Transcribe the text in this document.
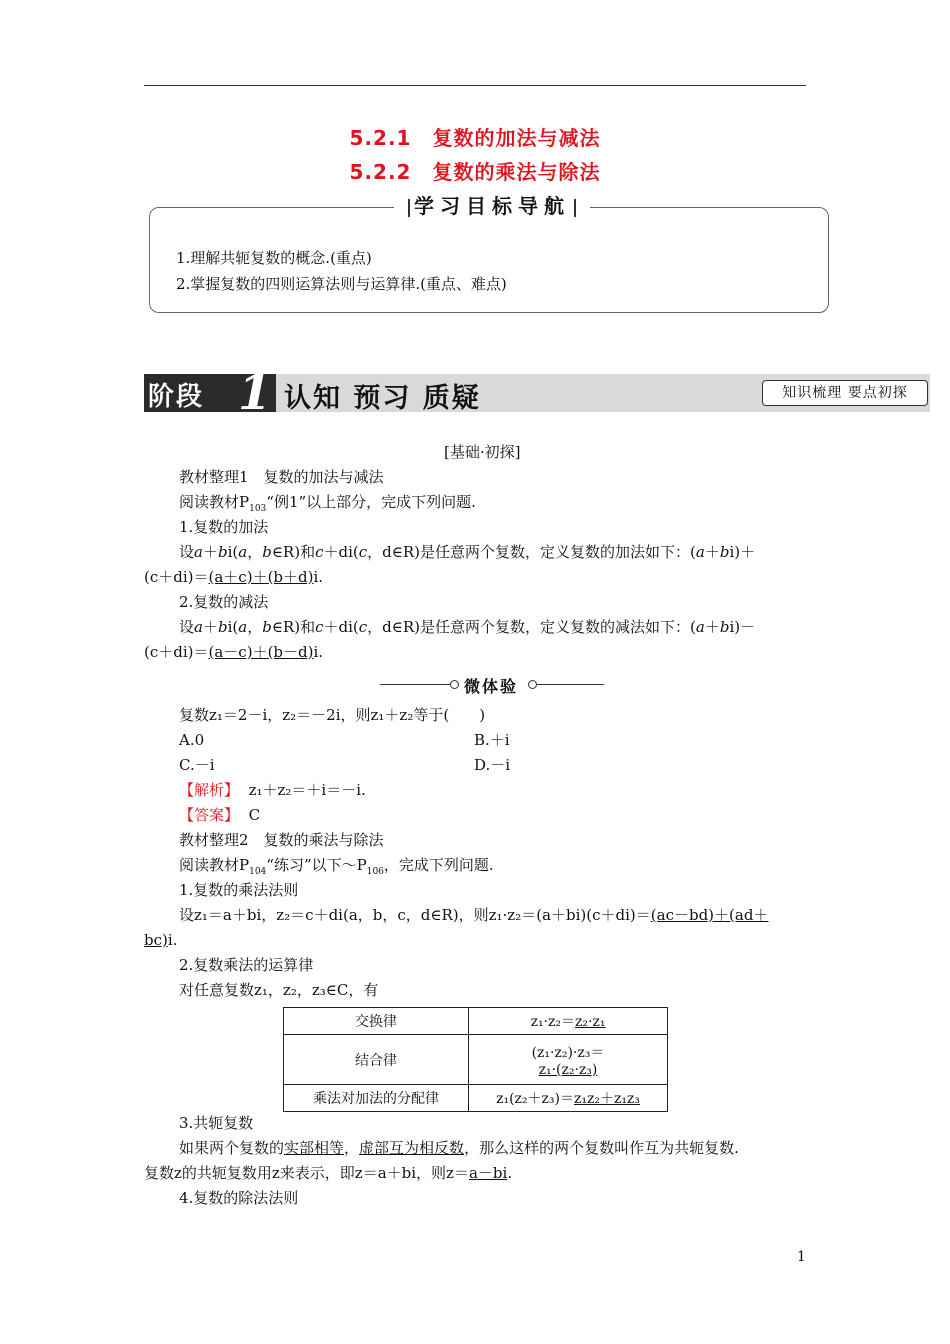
5.2.1　复数的加法与减法
5.2.2　复数的乘法与除法
学习目标导航
1.理解共轭复数的概念.(重点)
2.掌握复数的四则运算法则与运算律.(重点、难点)
阶段 1 认知 预习 质疑	知识梳理 要点初探
[基础·初探]
教材整理1　复数的加法与减法
阅读教材$P_{103}“$例1”以上部分，完成下列问题.
1.复数的加法
设a＋bi(a，b∈R)和c＋di(c，d∈R)是任意两个复数，定义复数的加法如下：(a＋bi)＋
(c＋di)＝(a＋c)＋(b＋d)i.
2.复数的减法
设a＋bi(a，b∈R)和c＋di(c，d∈R)是任意两个复数，定义复数的减法如下：(a＋bi)－
(c＋di)＝(a－c)＋(b－d)i.
微体验
复数z₁＝2－i，z₂＝－2i，则z₁＋z₂等于(　　)
A.0	B.＋i
C.－i	D.－i
【解析】 z₁＋z₂＝＋i＝－i.
【答案】 C
教材整理2　复数的乘法与除法
阅读教材$P_{104}“$练习”以下$\sim P_{106}$，完成下列问题.
1.复数的乘法法则
设z₁＝a＋bi，z₂＝c＋di(a，b，c，d∈R)，则z₁·z₂＝(a＋bi)(c＋di)＝(ac－bd)＋(ad＋
bc)i.
2.复数乘法的运算律
对任意复数z₁，z₂，z₃∈C，有
交换律	z₁·z₂＝z₂·z₁
结合律	(z₁·z₂)·z₃＝
z₁·(z₂·z₃)
乘法对加法的分配律	z₁(z₂＋z₃)＝z₁z₂＋z₁z₃
3.共轭复数
如果两个复数的实部相等，虚部互为相反数，那么这样的两个复数叫作互为共轭复数.
复数z的共轭复数用z来表示，即z＝a＋bi，则z＝a－bi.
4.复数的除法法则
1
